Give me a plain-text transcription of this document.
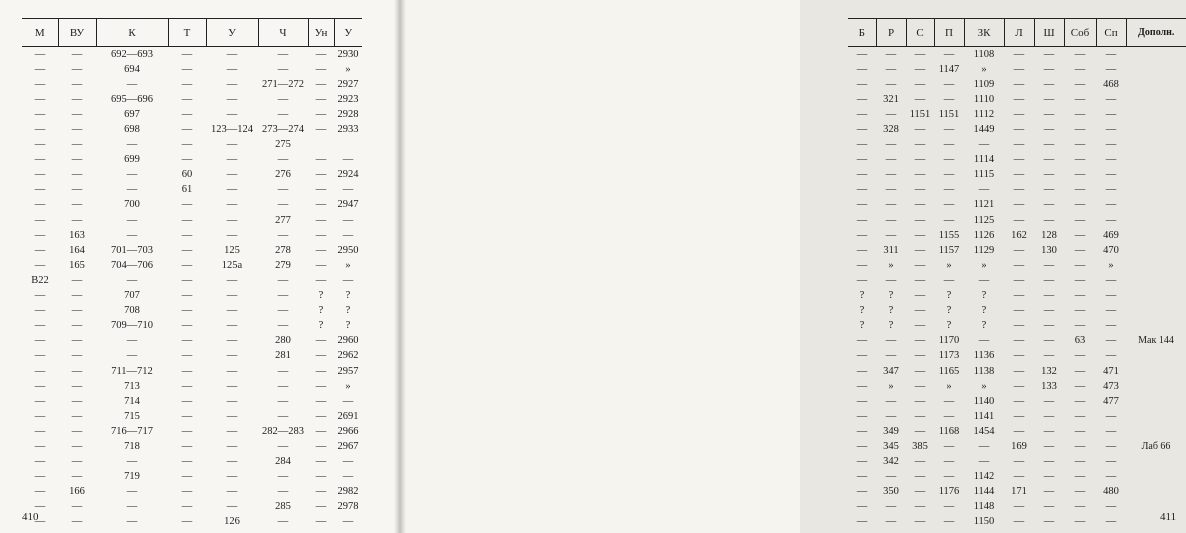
М	ВУ	К	Т	У	Ч	Ун	У
—	—	692—693	—	—	—	—	2930
—	—	694	—	—	—	—	»
—	—	—	—	—	271—272	—	2927
—	—	695—696	—	—	—	—	2923
—	—	697	—	—	—	—	2928
—	—	698	—	123—124	273—274	—	2933
—	—	—	—	—	275		
—	—	699	—	—	—	—	—
—	—	—	60	—	276	—	2924
—	—	—	61	—	—	—	—
—	—	700	—	—	—	—	2947
—	—	—	—	—	277	—	—
—	163	—	—	—	—	—	—
—	164	701—703	—	125	278	—	2950
—	165	704—706	—	125a	279	—	»
B22	—	—	—	—	—	—	—
—	—	707	—	—	—	?	?
—	—	708	—	—	—	?	?
—	—	709—710	—	—	—	?	?
—	—	—	—	—	280	—	2960
—	—	—	—	—	281	—	2962
—	—	711—712	—	—	—	—	2957
—	—	713	—	—	—	—	»
—	—	714	—	—	—	—	—
—	—	715	—	—	—	—	2691
—	—	716—717	—	—	282—283	—	2966
—	—	718	—	—	—	—	2967
—	—	—	—	—	284	—	—
—	—	719	—	—	—	—	—
—	166	—	—	—	—	—	2982
—	—	—	—	—	285	—	2978
—	—	—	—	126	—	—	—
410
Б	Р	С	П	ЗК	Л	Ш	Соб	Сп	Дополн.
—	—	—	—	1108	—	—	—	—	
—	—	—	1147	»	—	—	—	—	
—	—	—	—	1109	—	—	—	468	
—	321	—	—	1110	—	—	—	—	
—	—	1151	1151	1112	—	—	—	—	
—	328	—	—	1449	—	—	—	—	
—	—	—	—	—	—	—	—	—	
—	—	—	—	1114	—	—	—	—	
—	—	—	—	1115	—	—	—	—	
—	—	—	—	—	—	—	—	—	
—	—	—	—	1121	—	—	—	—	
—	—	—	—	1125	—	—	—	—	
—	—	—	1155	1126	162	128	—	469	
—	311	—	1157	1129	—	130	—	470	
—	»	—	»	»	—	—	—	»	
—	—	—	—	—	—	—	—	—	
?	?	—	?	?	—	—	—	—	
?	?	—	?	?	—	—	—	—	
?	?	—	?	?	—	—	—	—	
—	—	—	1170	—	—	—	63	—	Мак 144
—	—	—	1173	1136	—	—	—	—	
—	347	—	1165	1138	—	132	—	471	
—	»	—	»	»	—	133	—	473	
—	—	—	—	1140	—	—	—	477	
—	—	—	—	1141	—	—	—	—	
—	349	—	1168	1454	—	—	—	—	
—	345	385	—	—	169	—	—	—	Лаб 66
—	342	—	—	—	—	—	—	—	
—	—	—	—	1142	—	—	—	—	
—	350	—	1176	1144	171	—	—	480	
—	—	—	—	1148	—	—	—	—	
—	—	—	—	1150	—	—	—	—		411
